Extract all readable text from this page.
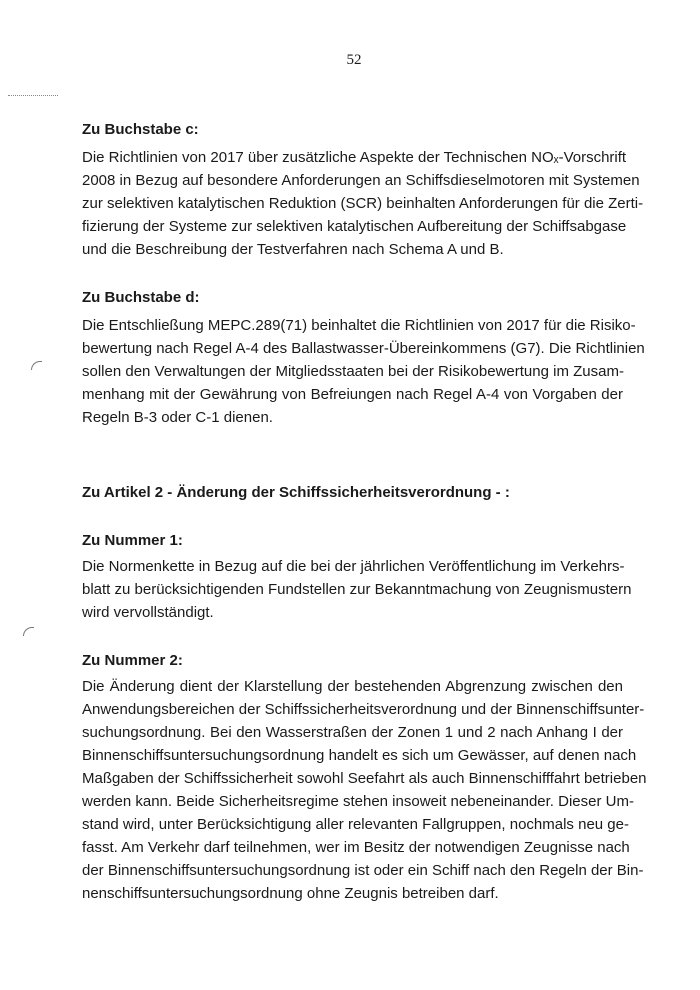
52

Zu Buchstabe c:

Die Richtlinien von 2017 über zusätzliche Aspekte der Technischen NOₓ-Vorschrift
2008 in Bezug auf besondere Anforderungen an Schiffsdieselmotoren mit Systemen
zur selektiven katalytischen Reduktion (SCR) beinhalten Anforderungen für die Zerti-
fizierung der Systeme zur selektiven katalytischen Aufbereitung der Schiffsabgase
und die Beschreibung der Testverfahren nach Schema A und B.

Zu Buchstabe d:

Die Entschließung MEPC.289(71) beinhaltet die Richtlinien von 2017 für die Risiko-
bewertung nach Regel A-4 des Ballastwasser-Übereinkommens (G7). Die Richtlinien
sollen den Verwaltungen der Mitgliedsstaaten bei der Risikobewertung im Zusam-
menhang mit der Gewährung von Befreiungen nach Regel A-4 von Vorgaben der
Regeln B-3 oder C-1 dienen.

Zu Artikel 2 - Änderung der Schiffssicherheitsverordnung - :

Zu Nummer 1:

Die Normenkette in Bezug auf die bei der jährlichen Veröffentlichung im Verkehrs-
blatt zu berücksichtigenden Fundstellen zur Bekanntmachung von Zeugnismustern
wird vervollständigt.

Zu Nummer 2:

Die Änderung dient der Klarstellung der bestehenden Abgrenzung zwischen den
Anwendungsbereichen der Schiffssicherheitsverordnung und der Binnenschiffsunter-
suchungsordnung. Bei den Wasserstraßen der Zonen 1 und 2 nach Anhang I der
Binnenschiffsuntersuchungsordnung handelt es sich um Gewässer, auf denen nach
Maßgaben der Schiffssicherheit sowohl Seefahrt als auch Binnenschifffahrt betrieben
werden kann. Beide Sicherheitsregime stehen insoweit nebeneinander. Dieser Um-
stand wird, unter Berücksichtigung aller relevanten Fallgruppen, nochmals neu ge-
fasst. Am Verkehr darf teilnehmen, wer im Besitz der notwendigen Zeugnisse nach
der Binnenschiffsuntersuchungsordnung ist oder ein Schiff nach den Regeln der Bin-
nenschiffsuntersuchungsordnung ohne Zeugnis betreiben darf.
